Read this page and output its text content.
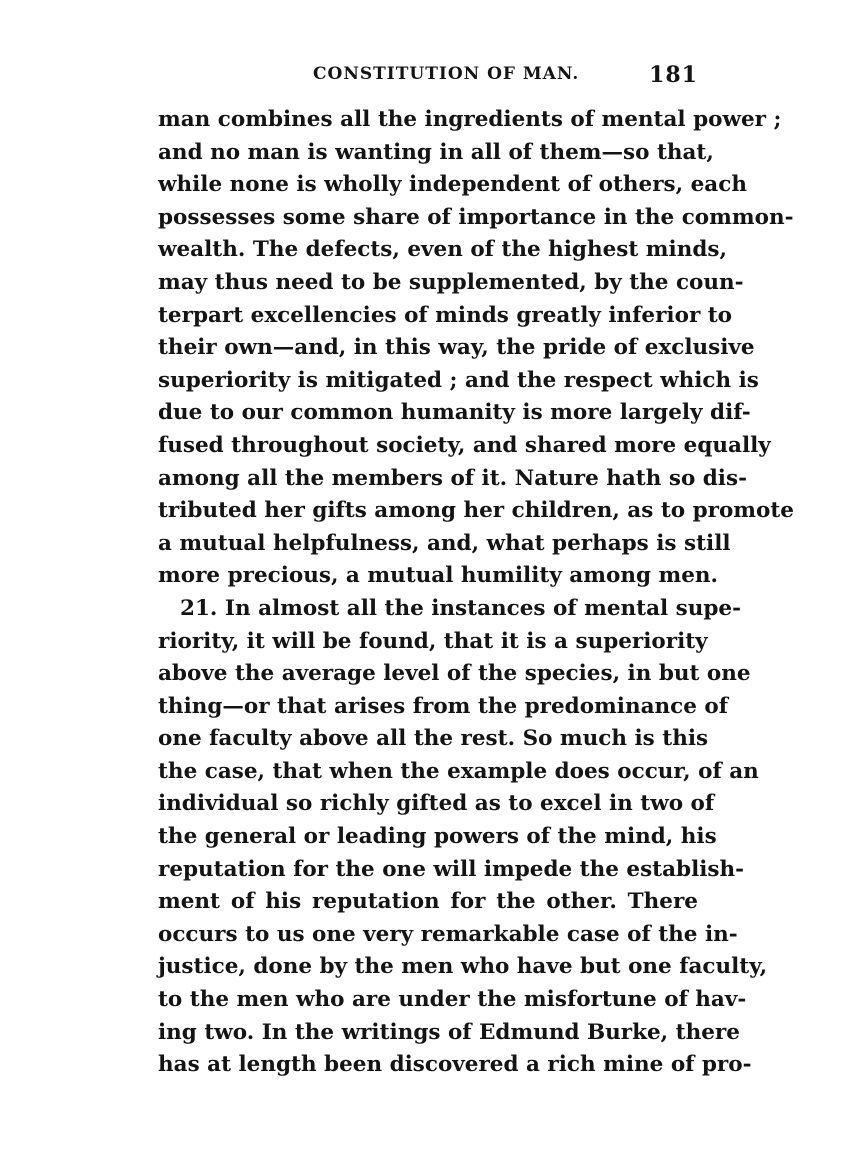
CONSTITUTION OF MAN.	181
man combines all the ingredients of mental power ;
and no man is wanting in all of them—so that,
while none is wholly independent of others, each
possesses some share of importance in the common-
wealth. The defects, even of the highest minds,
may thus need to be supplemented, by the coun-
terpart excellencies of minds greatly inferior to
their own—and, in this way, the pride of exclusive
superiority is mitigated ; and the respect which is
due to our common humanity is more largely dif-
fused throughout society, and shared more equally
among all the members of it. Nature hath so dis-
tributed her gifts among her children, as to promote
a mutual helpfulness, and, what perhaps is still
more precious, a mutual humility among men.
21. In almost all the instances of mental supe-
riority, it will be found, that it is a superiority
above the average level of the species, in but one
thing—or that arises from the predominance of
one faculty above all the rest. So much is this
the case, that when the example does occur, of an
individual so richly gifted as to excel in two of
the general or leading powers of the mind, his
reputation for the one will impede the establish-
ment of his reputation for the other. There
occurs to us one very remarkable case of the in-
justice, done by the men who have but one faculty,
to the men who are under the misfortune of hav-
ing two. In the writings of Edmund Burke, there
has at length been discovered a rich mine of pro-
